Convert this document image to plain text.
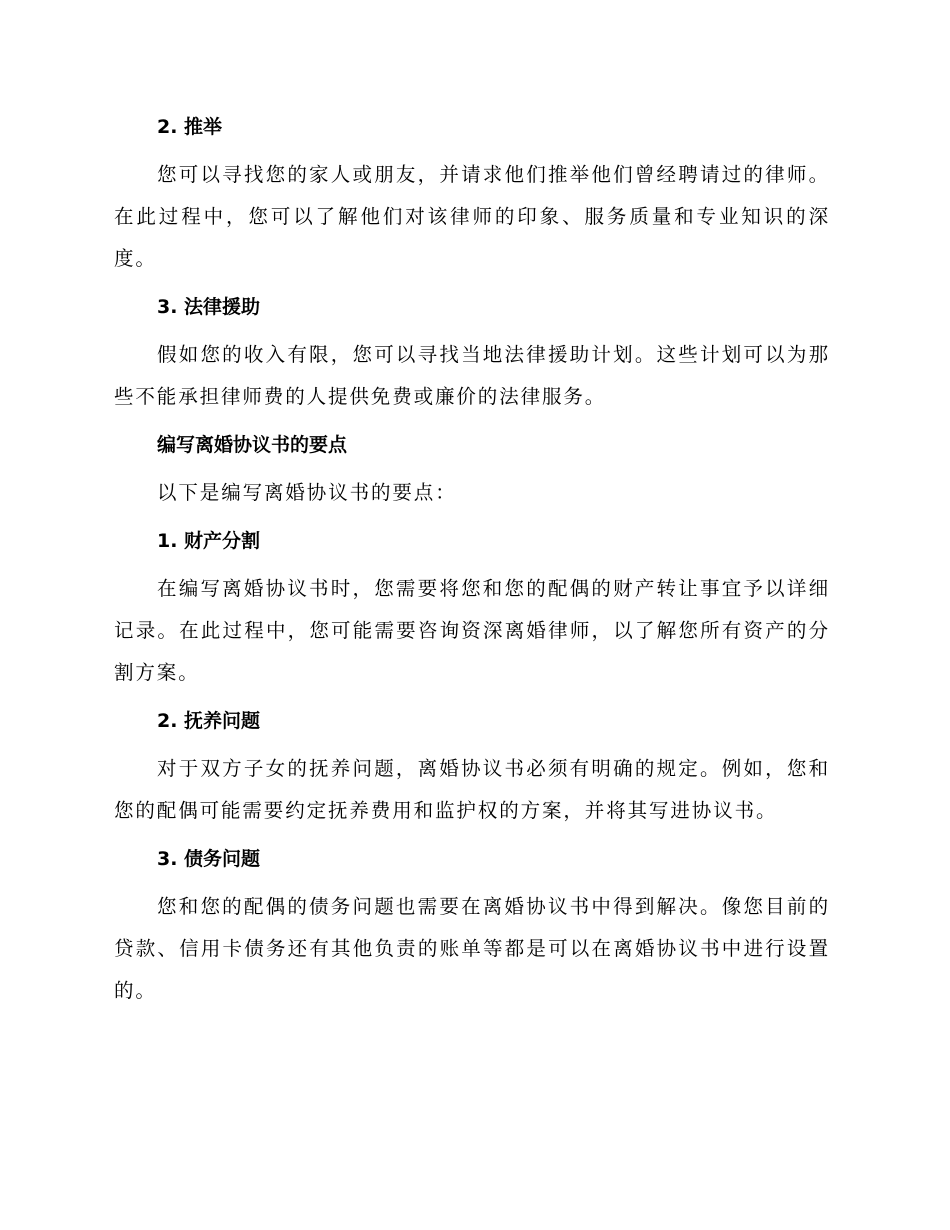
2. 推举

您可以寻找您的家人或朋友，并请求他们推举他们曾经聘请过的律师。在此过程中，您可以了解他们对该律师的印象、服务质量和专业知识的深度。

3. 法律援助

假如您的收入有限，您可以寻找当地法律援助计划。这些计划可以为那些不能承担律师费的人提供免费或廉价的法律服务。

编写离婚协议书的要点

以下是编写离婚协议书的要点：

1. 财产分割

在编写离婚协议书时，您需要将您和您的配偶的财产转让事宜予以详细记录。在此过程中，您可能需要咨询资深离婚律师，以了解您所有资产的分割方案。

2. 抚养问题

对于双方子女的抚养问题，离婚协议书必须有明确的规定。例如，您和您的配偶可能需要约定抚养费用和监护权的方案，并将其写进协议书。

3. 债务问题

您和您的配偶的债务问题也需要在离婚协议书中得到解决。像您目前的贷款、信用卡债务还有其他负责的账单等都是可以在离婚协议书中进行设置的。
